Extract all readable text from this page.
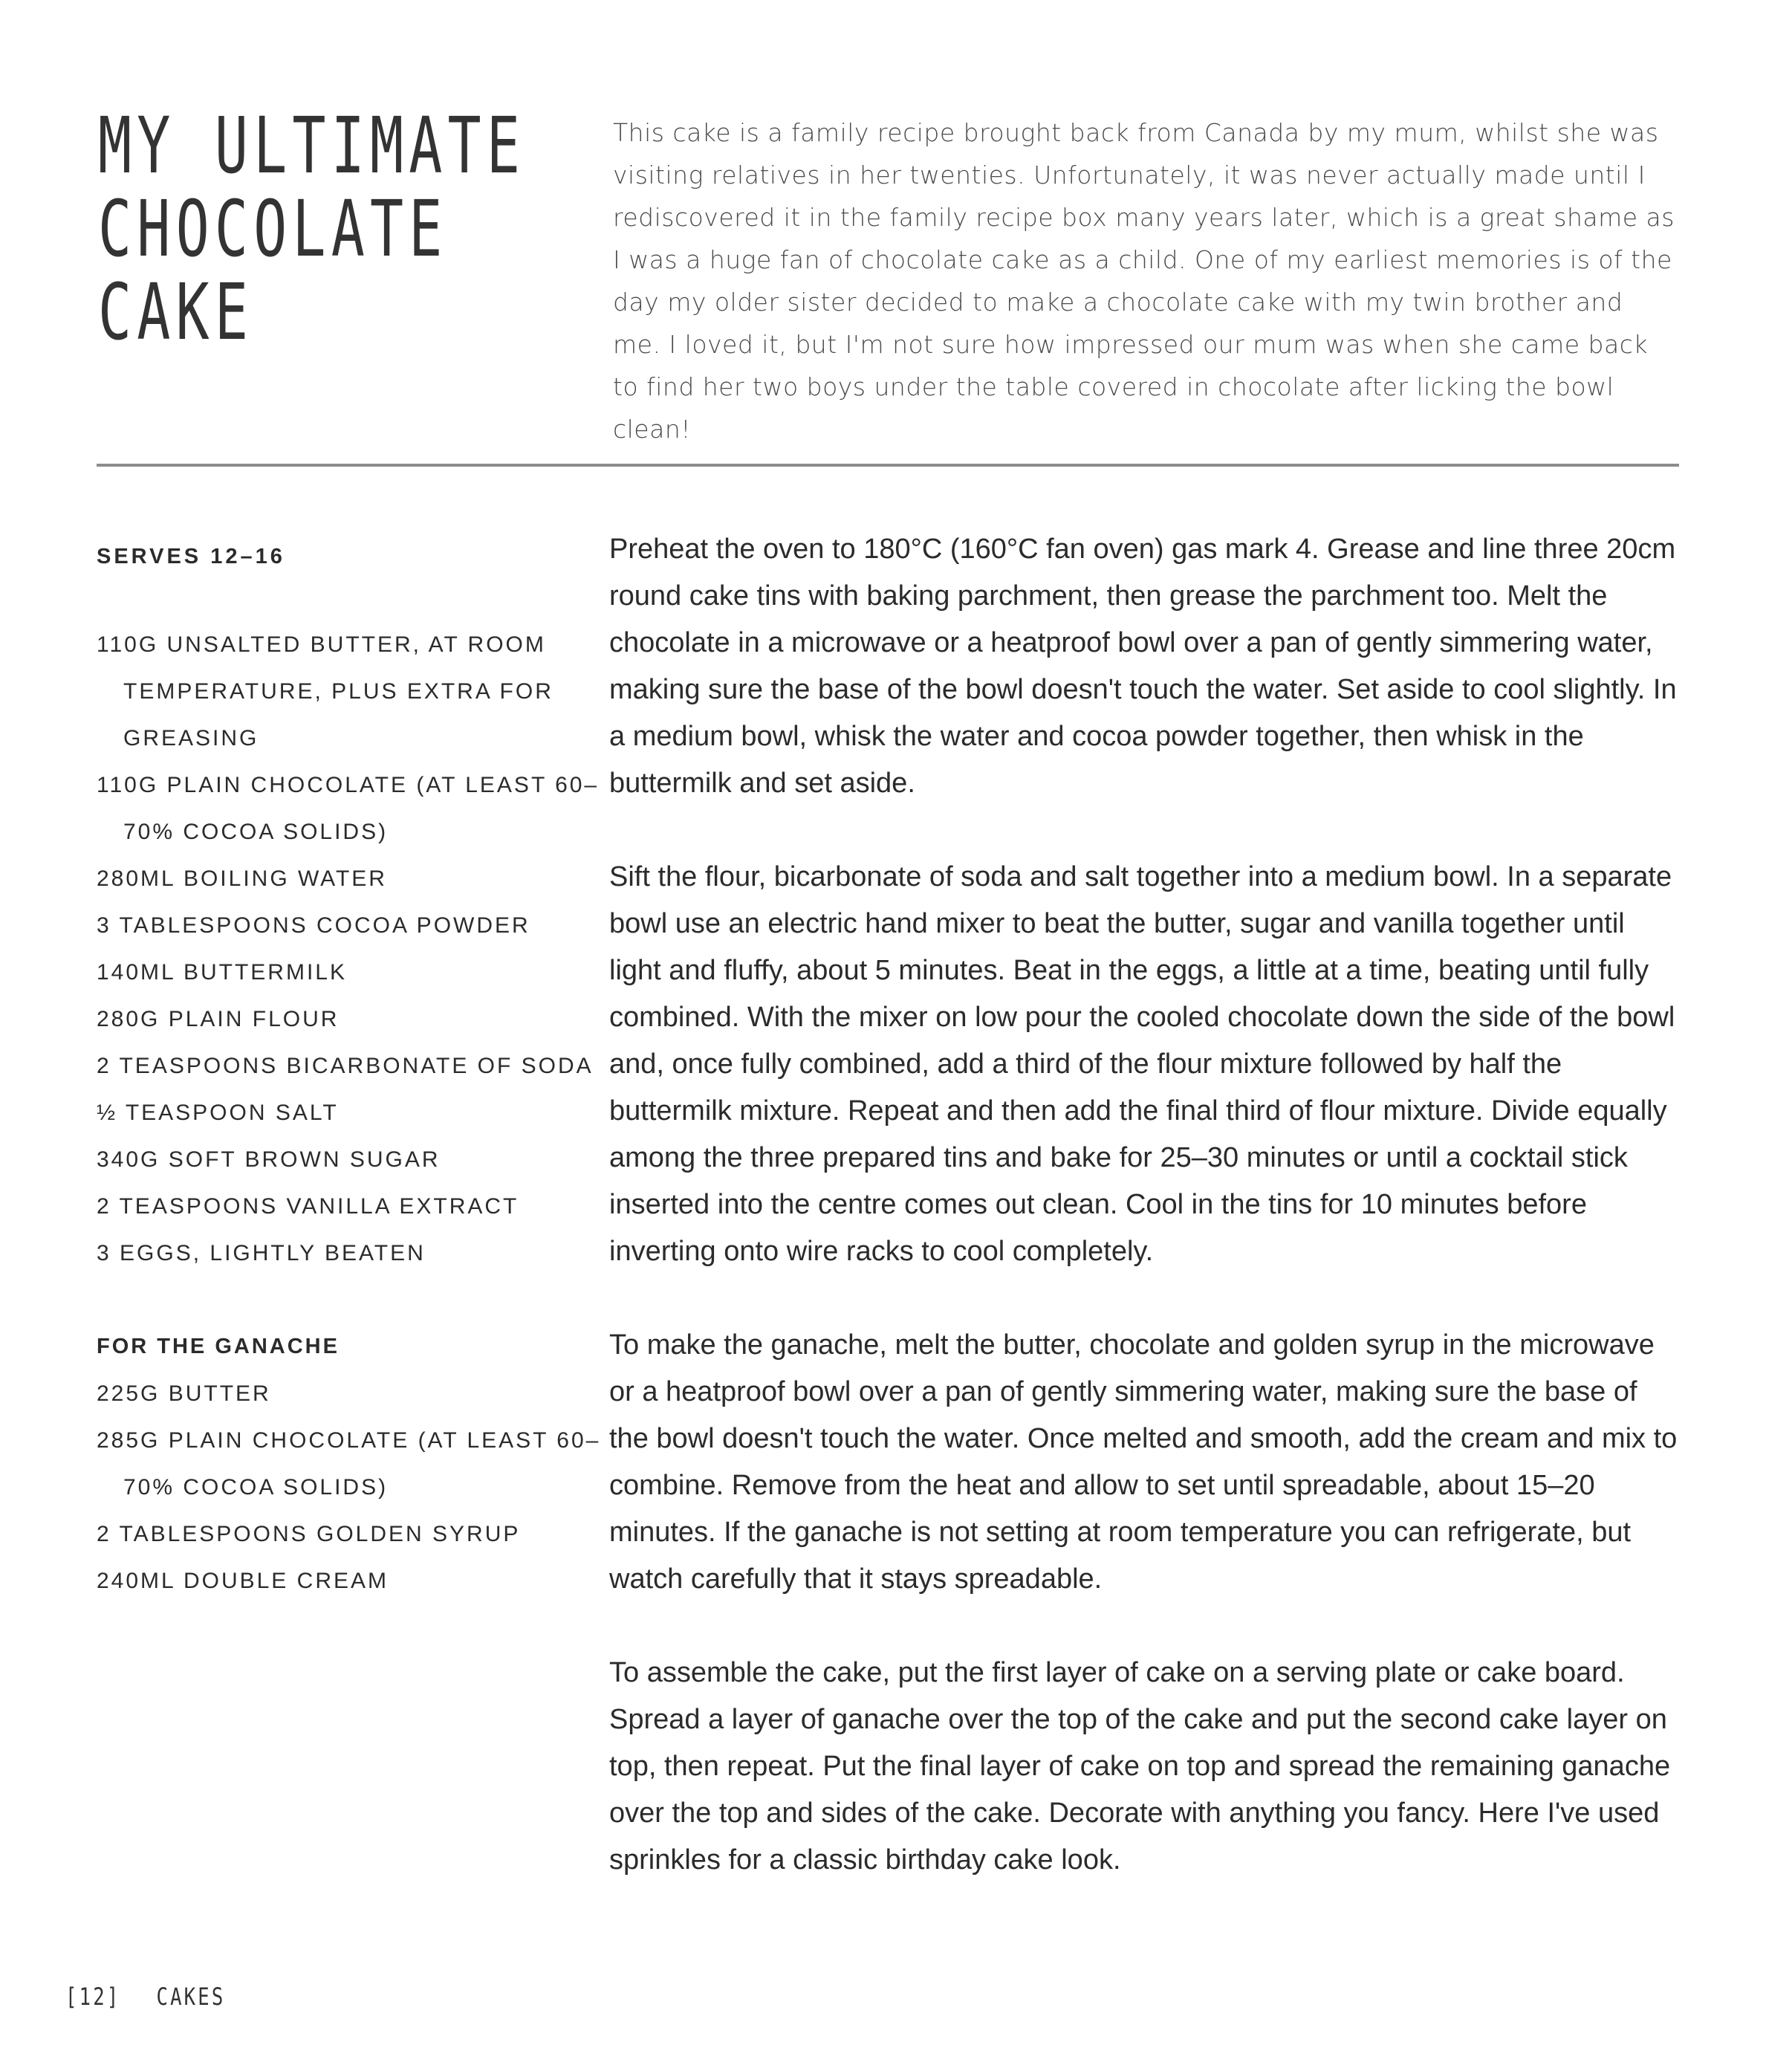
MY ULTIMATE
CHOCOLATE
CAKE

This cake is a family recipe brought back from Canada by my mum, whilst she was visiting relatives in her twenties. Unfortunately, it was never actually made until I rediscovered it in the family recipe box many years later, which is a great shame as I was a huge fan of chocolate cake as a child. One of my earliest memories is of the day my older sister decided to make a chocolate cake with my twin brother and me. I loved it, but I'm not sure how impressed our mum was when she came back to find her two boys under the table covered in chocolate after licking the bowl clean!

SERVES 12–16
110G UNSALTED BUTTER, AT ROOM TEMPERATURE, PLUS EXTRA FOR GREASING
110G PLAIN CHOCOLATE (AT LEAST 60–70% COCOA SOLIDS)
280ML BOILING WATER
3 TABLESPOONS COCOA POWDER
140ML BUTTERMILK
280G PLAIN FLOUR
2 TEASPOONS BICARBONATE OF SODA
½ TEASPOON SALT
340G SOFT BROWN SUGAR
2 TEASPOONS VANILLA EXTRACT
3 EGGS, LIGHTLY BEATEN
FOR THE GANACHE
225G BUTTER
285G PLAIN CHOCOLATE (AT LEAST 60–70% COCOA SOLIDS)
2 TABLESPOONS GOLDEN SYRUP
240ML DOUBLE CREAM

Preheat the oven to 180°C (160°C fan oven) gas mark 4. Grease and line three 20cm round cake tins with baking parchment, then grease the parchment too. Melt the chocolate in a microwave or a heatproof bowl over a pan of gently simmering water, making sure the base of the bowl doesn't touch the water. Set aside to cool slightly. In a medium bowl, whisk the water and cocoa powder together, then whisk in the buttermilk and set aside.

Sift the flour, bicarbonate of soda and salt together into a medium bowl. In a separate bowl use an electric hand mixer to beat the butter, sugar and vanilla together until light and fluffy, about 5 minutes. Beat in the eggs, a little at a time, beating until fully combined. With the mixer on low pour the cooled chocolate down the side of the bowl and, once fully combined, add a third of the flour mixture followed by half the buttermilk mixture. Repeat and then add the final third of flour mixture. Divide equally among the three prepared tins and bake for 25–30 minutes or until a cocktail stick inserted into the centre comes out clean. Cool in the tins for 10 minutes before inverting onto wire racks to cool completely.

To make the ganache, melt the butter, chocolate and golden syrup in the microwave or a heatproof bowl over a pan of gently simmering water, making sure the base of the bowl doesn't touch the water. Once melted and smooth, add the cream and mix to combine. Remove from the heat and allow to set until spreadable, about 15–20 minutes. If the ganache is not setting at room temperature you can refrigerate, but watch carefully that it stays spreadable.

To assemble the cake, put the first layer of cake on a serving plate or cake board. Spread a layer of ganache over the top of the cake and put the second cake layer on top, then repeat. Put the final layer of cake on top and spread the remaining ganache over the top and sides of the cake. Decorate with anything you fancy. Here I've used sprinkles for a classic birthday cake look.

[12] CAKES
